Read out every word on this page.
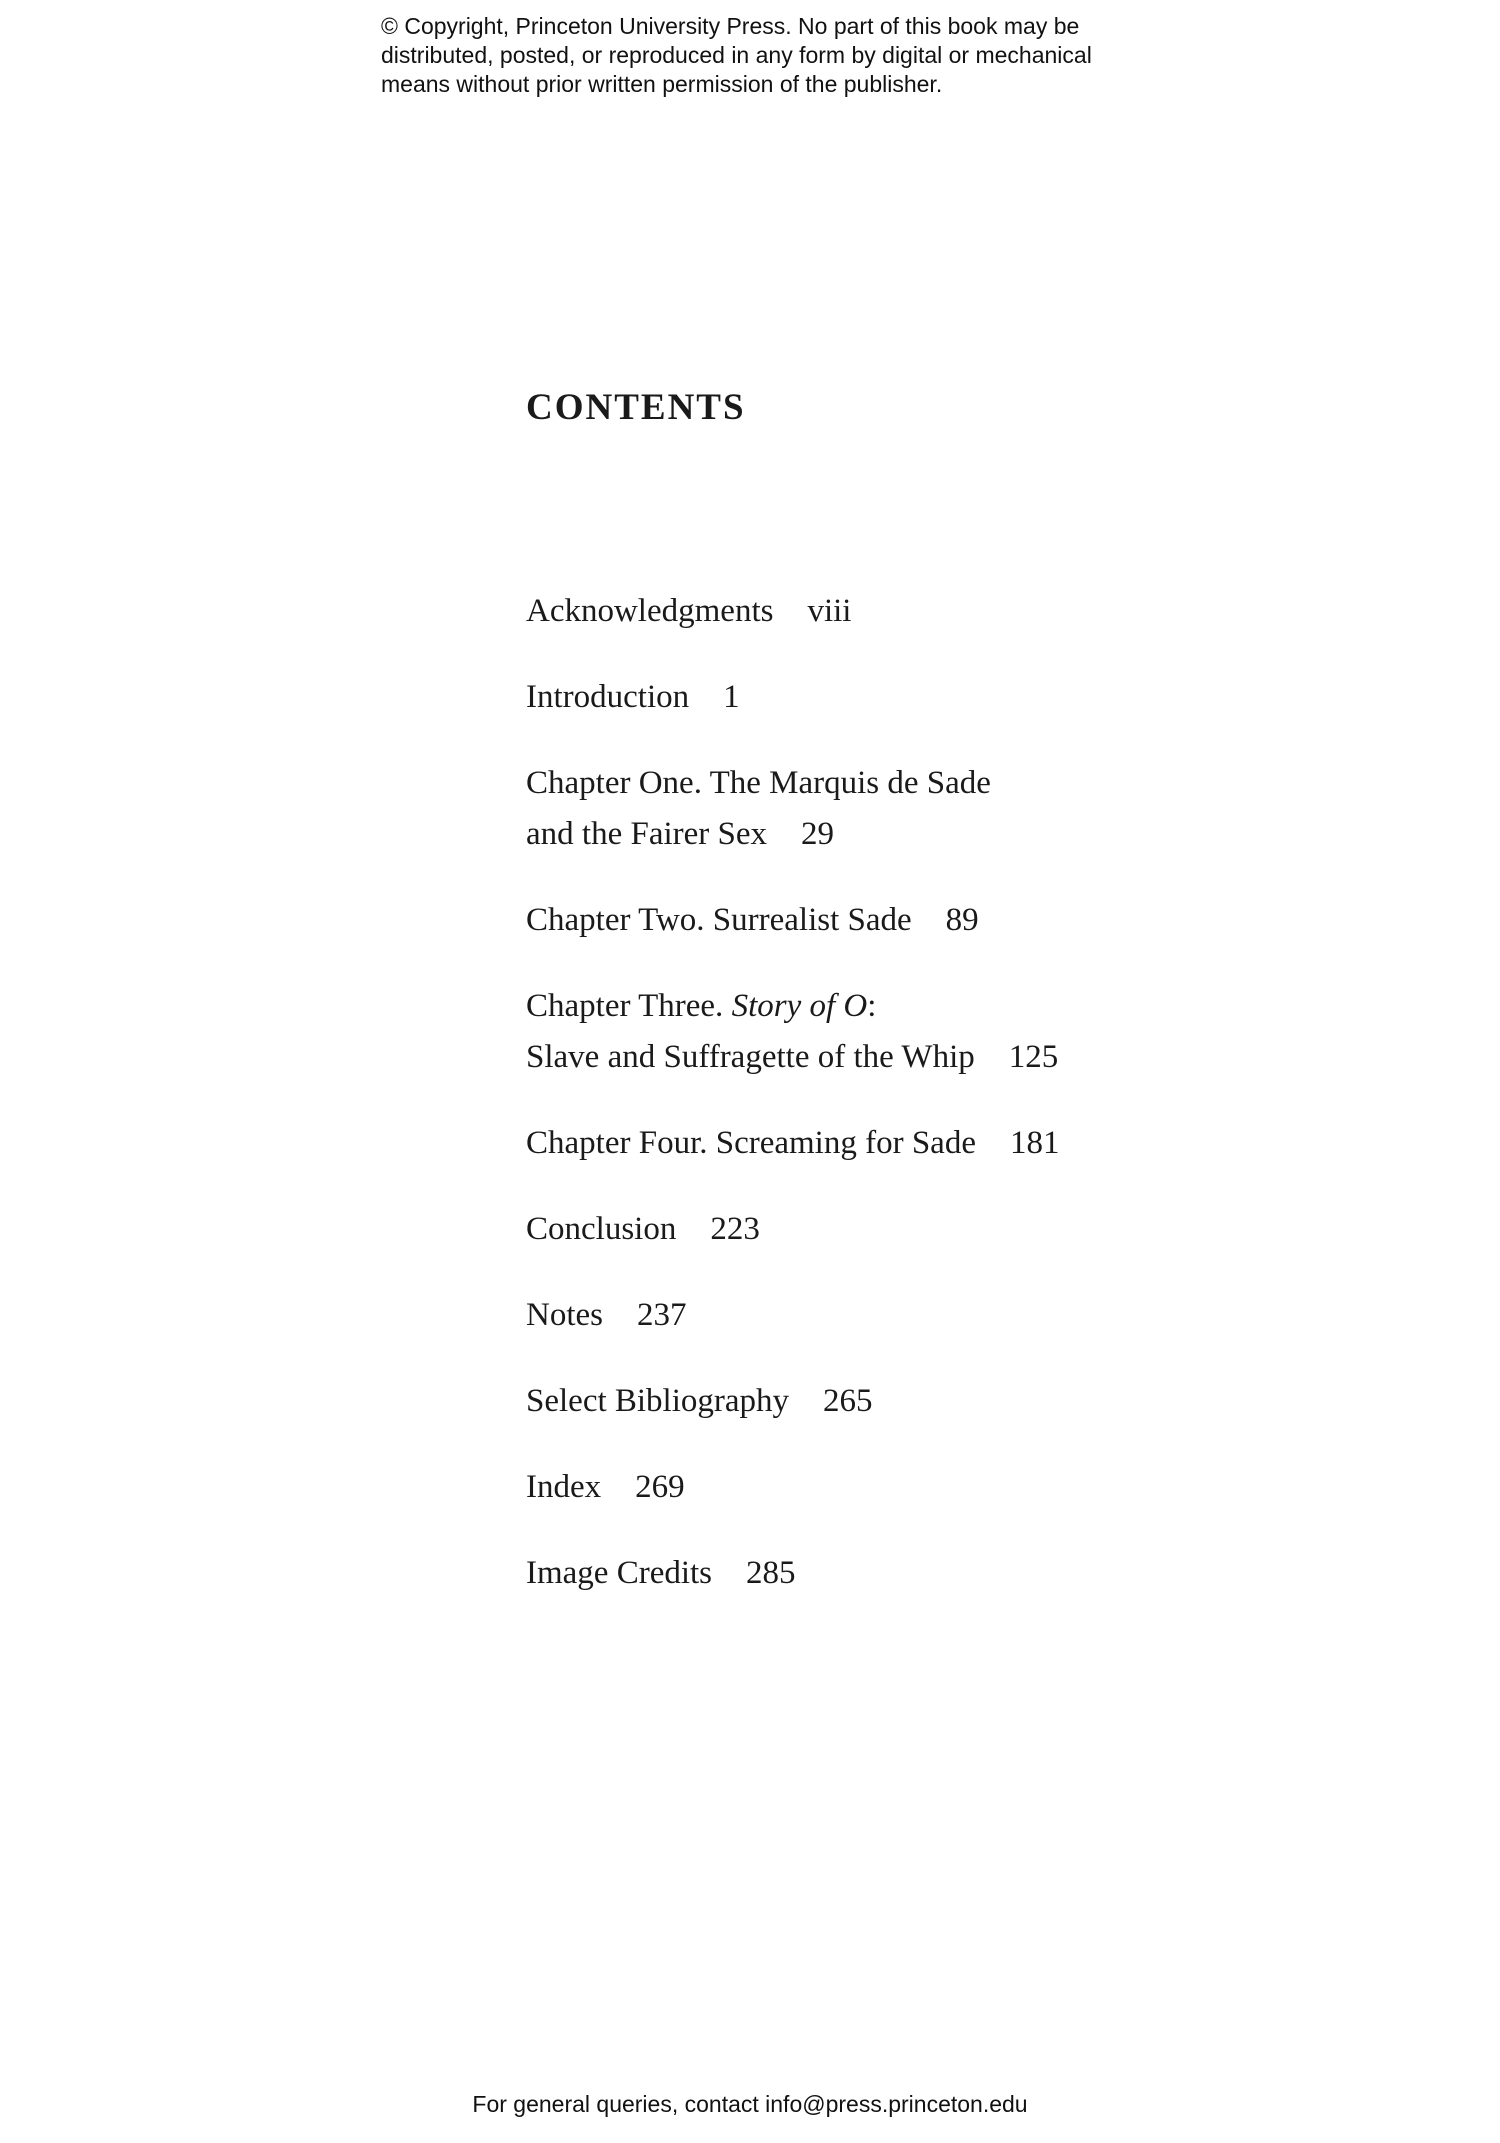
© Copyright, Princeton University Press. No part of this book may be
distributed, posted, or reproduced in any form by digital or mechanical
means without prior written permission of the publisher.
CONTENTS
Acknowledgments viii
Introduction 1
Chapter One. The Marquis de Sade
and the Fairer Sex 29
Chapter Two. Surrealist Sade 89
Chapter Three. Story of O:
Slave and Suffragette of the Whip 125
Chapter Four. Screaming for Sade 181
Conclusion 223
Notes 237
Select Bibliography 265
Index 269
Image Credits 285
For general queries, contact info@press.princeton.edu
